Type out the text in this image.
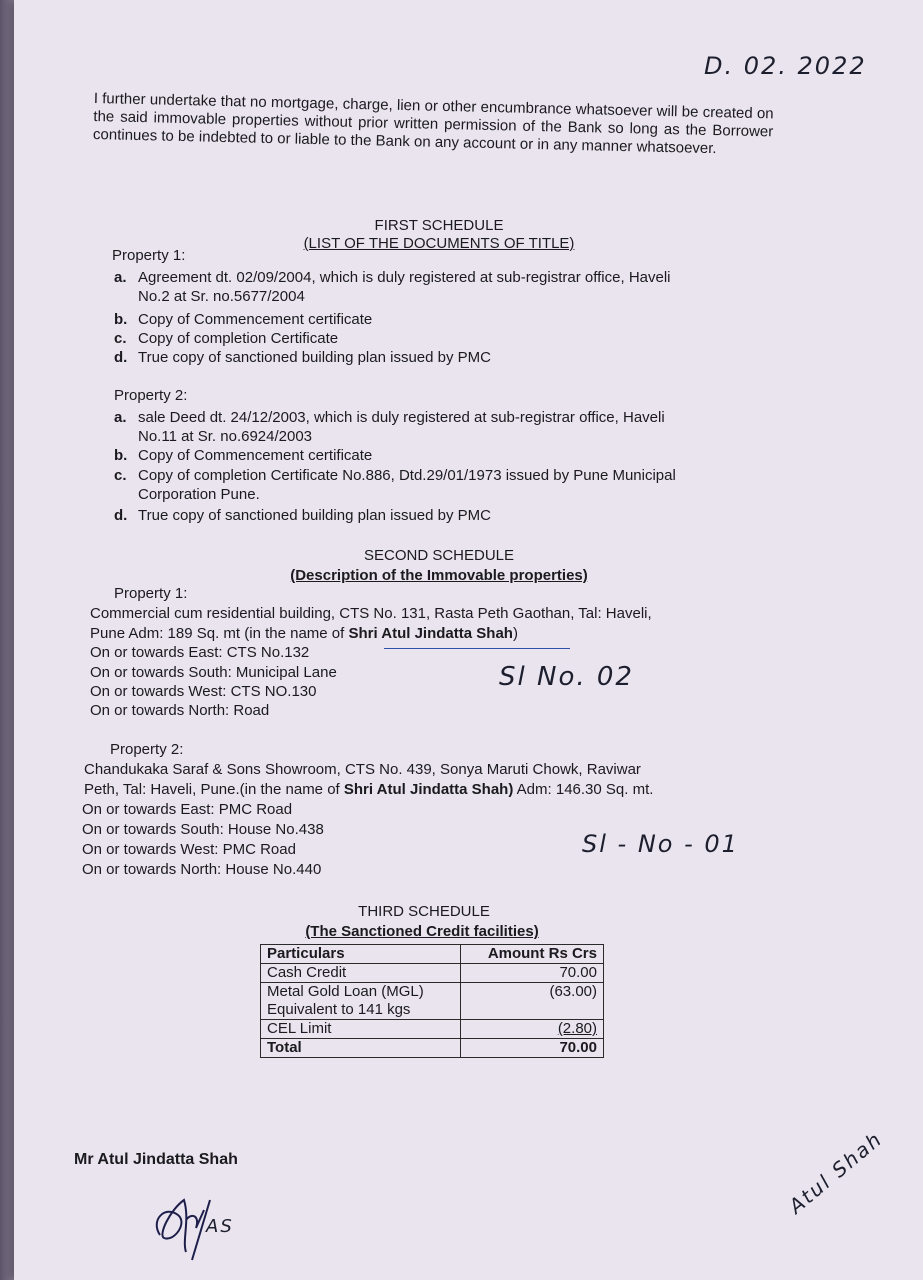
D. 02. 2022
I further undertake that no mortgage, charge, lien or other encumbrance whatsoever will be created on the said immovable properties without prior written permission of the Bank so long as the Borrower continues to be indebted to or liable to the Bank on any account or in any manner whatsoever.
FIRST SCHEDULE
(LIST OF THE DOCUMENTS OF TITLE)
Property 1:
a. Agreement dt. 02/09/2004, which is duly registered at sub-registrar office, Haveli
No.2 at Sr. no.5677/2004
b. Copy of Commencement certificate
c. Copy of completion Certificate
d. True copy of sanctioned building plan issued by PMC
Property 2:
a. sale Deed dt. 24/12/2003, which is duly registered at sub-registrar office, Haveli
No.11 at Sr. no.6924/2003
b. Copy of Commencement certificate
c. Copy of completion Certificate No.886, Dtd.29/01/1973 issued by Pune Municipal
Corporation Pune.
d. True copy of sanctioned building plan issued by PMC
SECOND SCHEDULE
(Description of the Immovable properties)
Property 1:
Commercial cum residential building, CTS No. 131, Rasta Peth Gaothan, Tal: Haveli,
Pune Adm: 189 Sq. mt (in the name of Shri Atul Jindatta Shah)
On or towards East: CTS No.132
On or towards South: Municipal Lane
On or towards West: CTS NO.130
On or towards North: Road
Sl No. 02
Property 2:
Chandukaka Saraf & Sons Showroom, CTS No. 439, Sonya Maruti Chowk, Raviwar
Peth, Tal: Haveli, Pune.(in the name of Shri Atul Jindatta Shah) Adm: 146.30 Sq. mt.
On or towards East: PMC Road
On or towards South: House No.438
On or towards West: PMC Road
On or towards North: House No.440
Sl - No - 01
THIRD SCHEDULE
(The Sanctioned Credit facilities)
Particulars	Amount Rs Crs
Cash Credit	70.00
Metal Gold Loan (MGL)
Equivalent to 141 kgs	(63.00)
CEL Limit	(2.80)
Total	70.00
Mr Atul Jindatta Shah
AS
Atul Shah
